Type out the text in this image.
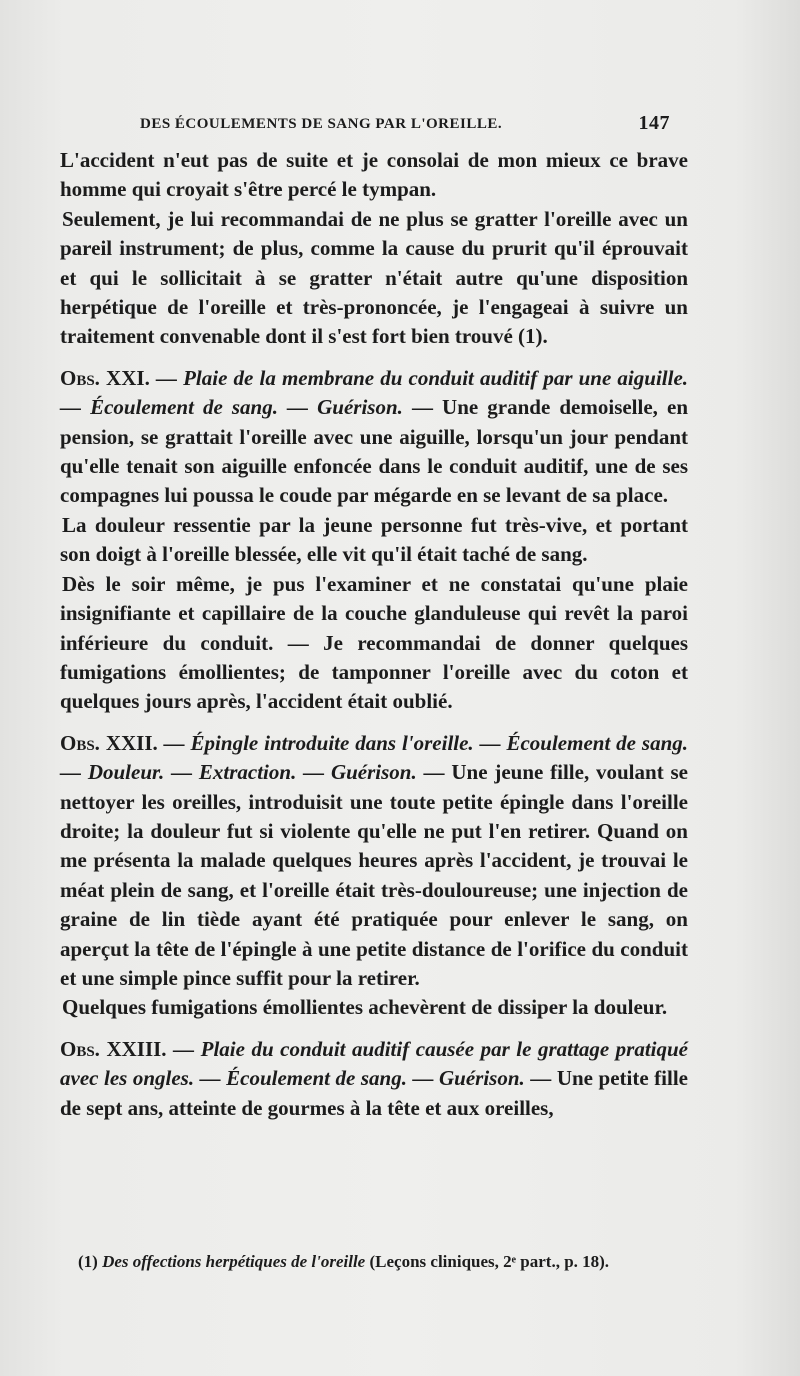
DES ÉCOULEMENTS DE SANG PAR L'OREILLE.	147

L'accident n'eut pas de suite et je consolai de mon mieux ce brave homme qui croyait s'être percé le tympan.

Seulement, je lui recommandai de ne plus se gratter l'oreille avec un pareil instrument; de plus, comme la cause du prurit qu'il éprouvait et qui le sollicitait à se gratter n'était autre qu'une disposition herpétique de l'oreille et très-prononcée, je l'engageai à suivre un traitement convenable dont il s'est fort bien trouvé (1).

Obs. XXI. — Plaie de la membrane du conduit auditif par une aiguille. — Écoulement de sang. — Guérison. — Une grande demoiselle, en pension, se grattait l'oreille avec une aiguille, lorsqu'un jour pendant qu'elle tenait son aiguille enfoncée dans le conduit auditif, une de ses compagnes lui poussa le coude par mégarde en se levant de sa place.

La douleur ressentie par la jeune personne fut très-vive, et portant son doigt à l'oreille blessée, elle vit qu'il était taché de sang.

Dès le soir même, je pus l'examiner et ne constatai qu'une plaie insignifiante et capillaire de la couche glanduleuse qui revêt la paroi inférieure du conduit. — Je recommandai de donner quelques fumigations émollientes; de tamponner l'oreille avec du coton et quelques jours après, l'accident était oublié.

Obs. XXII. — Épingle introduite dans l'oreille. — Écoulement de sang. — Douleur. — Extraction. — Guérison. — Une jeune fille, voulant se nettoyer les oreilles, introduisit une toute petite épingle dans l'oreille droite; la douleur fut si violente qu'elle ne put l'en retirer. Quand on me présenta la malade quelques heures après l'accident, je trouvai le méat plein de sang, et l'oreille était très-douloureuse; une injection de graine de lin tiède ayant été pratiquée pour enlever le sang, on aperçut la tête de l'épingle à une petite distance de l'orifice du conduit et une simple pince suffit pour la retirer.

Quelques fumigations émollientes achevèrent de dissiper la douleur.

Obs. XXIII. — Plaie du conduit auditif causée par le grattage pratiqué avec les ongles. — Écoulement de sang. — Guérison. — Une petite fille de sept ans, atteinte de gourmes à la tête et aux oreilles,

(1) Des offections herpétiques de l'oreille (Leçons cliniques, 2ᵉ part., p. 18).
